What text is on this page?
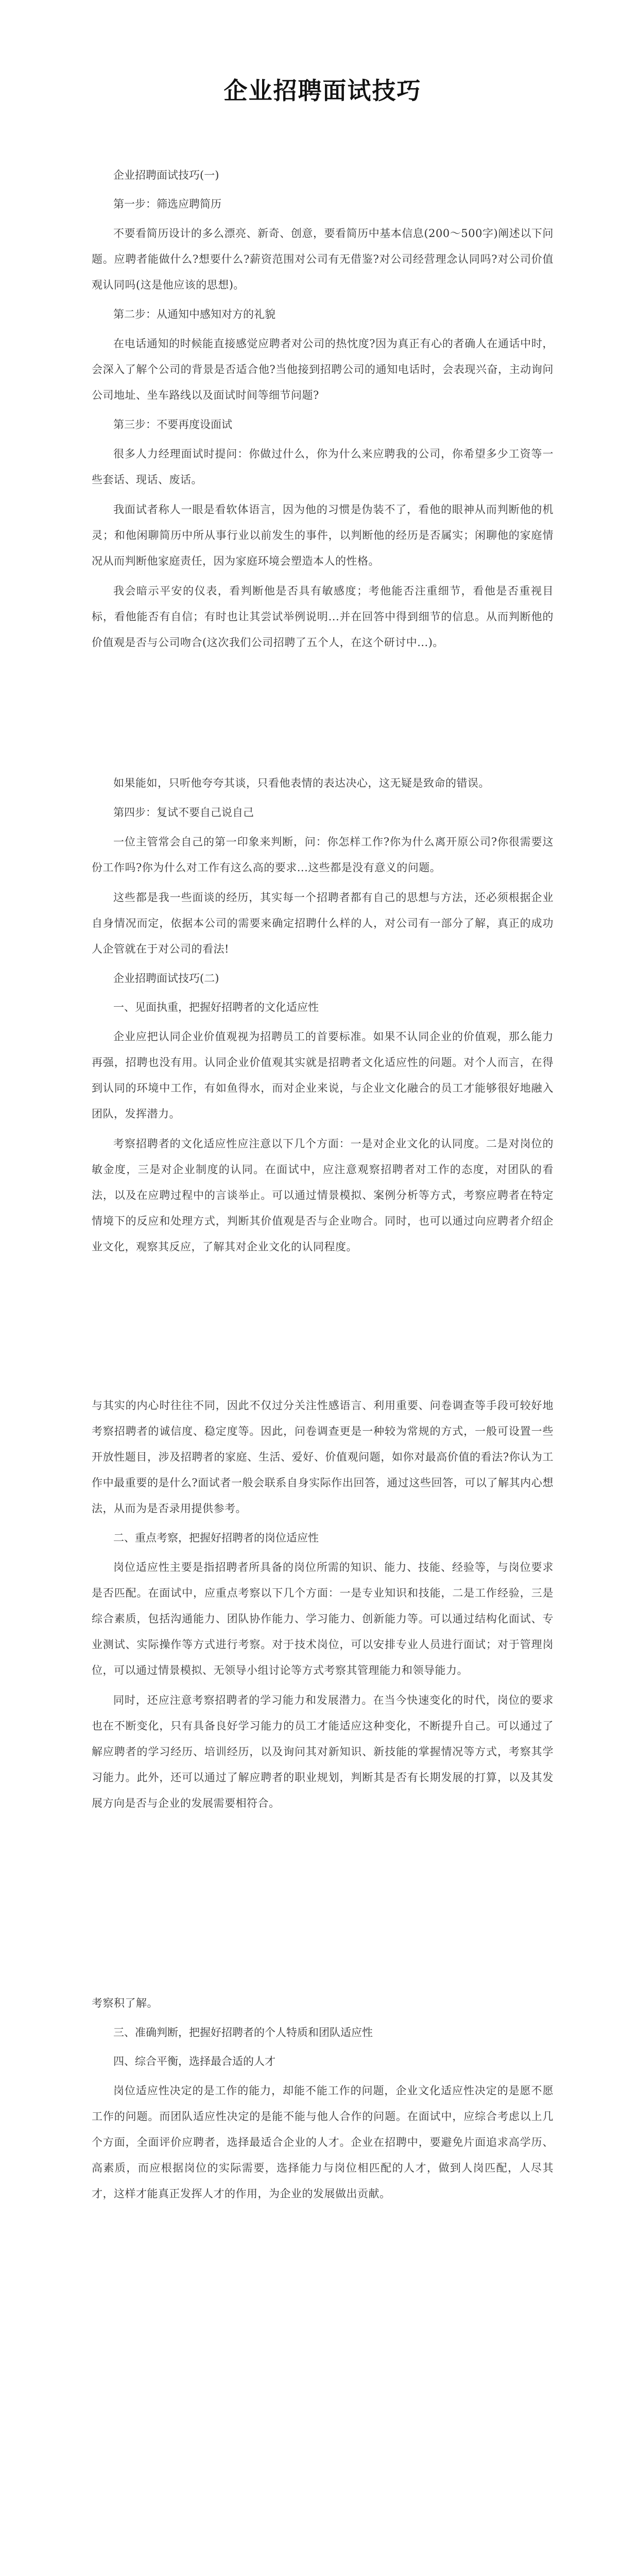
企业招聘面试技巧
企业招聘面试技巧(一)
第一步：筛选应聘简历

不要看简历设计的多么漂亮、新奇、创意，要看简历中基本信息(200～500字)阐述以下问题。应聘者能做什么?想要什么?薪资范围对公司有无借鉴?对公司经营理念认同吗?对公司价值观认同吗(这是他应该的思想)。

第二步：从通知中感知对方的礼貌

在电话通知的时候能直接感觉应聘者对公司的热忱度?因为真正有心的者确人在通话中时，会深入了解个公司的背景是否适合他?当他接到招聘公司的通知电话时，会表现兴奋，主动询问公司地址、坐车路线以及面试时间等细节问题?

第三步：不要再度设面试

很多人力经理面试时提问：你做过什么，你为什么来应聘我的公司，你希望多少工资等一些套话、现话、废话。

我面试者称人一眼是看软体语言，因为他的习惯是伪装不了，看他的眼神从而判断他的机灵；和他闲聊简历中所从事行业以前发生的事件，以判断他的经历是否属实；闲聊他的家庭情况从而判断他家庭责任，因为家庭环境会塑造本人的性格。

我会暗示平安的仪表，看判断他是否具有敏感度；考他能否注重细节，看他是否重视目标，看他能否有自信；有时也让其尝试举例说明...并在回答中得到细节的信息。从而判断他的价值观是否与公司吻合(这次我们公司招聘了五个人，在这个研讨中...)。

如果能如，只听他夸夸其谈，只看他表情的表达决心，这无疑是致命的错误。

第四步：复试不要自己说自己

一位主管常会自己的第一印象来判断，问：你怎样工作?你为什么离开原公司?你很需要这份工作吗?你为什么对工作有这么高的要求...这些都是没有意义的问题。

这些都是我一些面谈的经历，其实每一个招聘者都有自己的思想与方法，还必须根据企业自身情况而定，依据本公司的需要来确定招聘什么样的人，对公司有一部分了解，真正的成功人企管就在于对公司的看法!

企业招聘面试技巧(二)
一、见面执重，把握好招聘者的文化适应性

企业应把认同企业价值观视为招聘员工的首要标准。如果不认同企业的价值观，那么能力再强，招聘也没有用。认同企业价值观其实就是招聘者文化适应性的问题。对个人而言，在得到认同的环境中工作，有如鱼得水，而对企业来说，与企业文化融合的员工才能够很好地融入团队，发挥潜力。

考察招聘者的文化适应性应注意以下几个方面：一是对企业文化的认同度。二是对岗位的敏金度，三是对企业制度的认同。在面试中，应注意观察招聘者对工作的态度，对团队的看法，以及在应聘过程中的言谈举止。可以通过情景模拟、案例分析等方式，考察应聘者在特定情境下的反应和处理方式，判断其价值观是否与企业吻合。同时，也可以通过向应聘者介绍企业文化，观察其反应，了解其对企业文化的认同程度。

与其实的内心时往往不同，因此不仅过分关注性感语言、利用重要、问卷调查等手段可较好地考察招聘者的诚信度、稳定度等。因此，问卷调查更是一种较为常规的方式，一般可设置一些开放性题目，涉及招聘者的家庭、生活、爱好、价值观问题，如你对最高价值的看法?你认为工作中最重要的是什么?面试者一般会联系自身实际作出回答，通过这些回答，可以了解其内心想法，从而为是否录用提供参考。

二、重点考察，把握好招聘者的岗位适应性

岗位适应性主要是指招聘者所具备的岗位所需的知识、能力、技能、经验等，与岗位要求是否匹配。在面试中，应重点考察以下几个方面：一是专业知识和技能，二是工作经验，三是综合素质，包括沟通能力、团队协作能力、学习能力、创新能力等。可以通过结构化面试、专业测试、实际操作等方式进行考察。对于技术岗位，可以安排专业人员进行面试；对于管理岗位，可以通过情景模拟、无领导小组讨论等方式考察其管理能力和领导能力。

同时，还应注意考察招聘者的学习能力和发展潜力。在当今快速变化的时代，岗位的要求也在不断变化，只有具备良好学习能力的员工才能适应这种变化，不断提升自己。可以通过了解应聘者的学习经历、培训经历，以及询问其对新知识、新技能的掌握情况等方式，考察其学习能力。此外，还可以通过了解应聘者的职业规划，判断其是否有长期发展的打算，以及其发展方向是否与企业的发展需要相符合。

考察积了解。

三、准确判断，把握好招聘者的个人特质和团队适应性
四、综合平衡，选择最合适的人才

岗位适应性决定的是工作的能力，却能不能工作的问题，企业文化适应性决定的是愿不愿工作的问题。而团队适应性决定的是能不能与他人合作的问题。在面试中，应综合考虑以上几个方面，全面评价应聘者，选择最适合企业的人才。企业在招聘中，要避免片面追求高学历、高素质，而应根据岗位的实际需要，选择能力与岗位相匹配的人才，做到人岗匹配，人尽其才，这样才能真正发挥人才的作用，为企业的发展做出贡献。
